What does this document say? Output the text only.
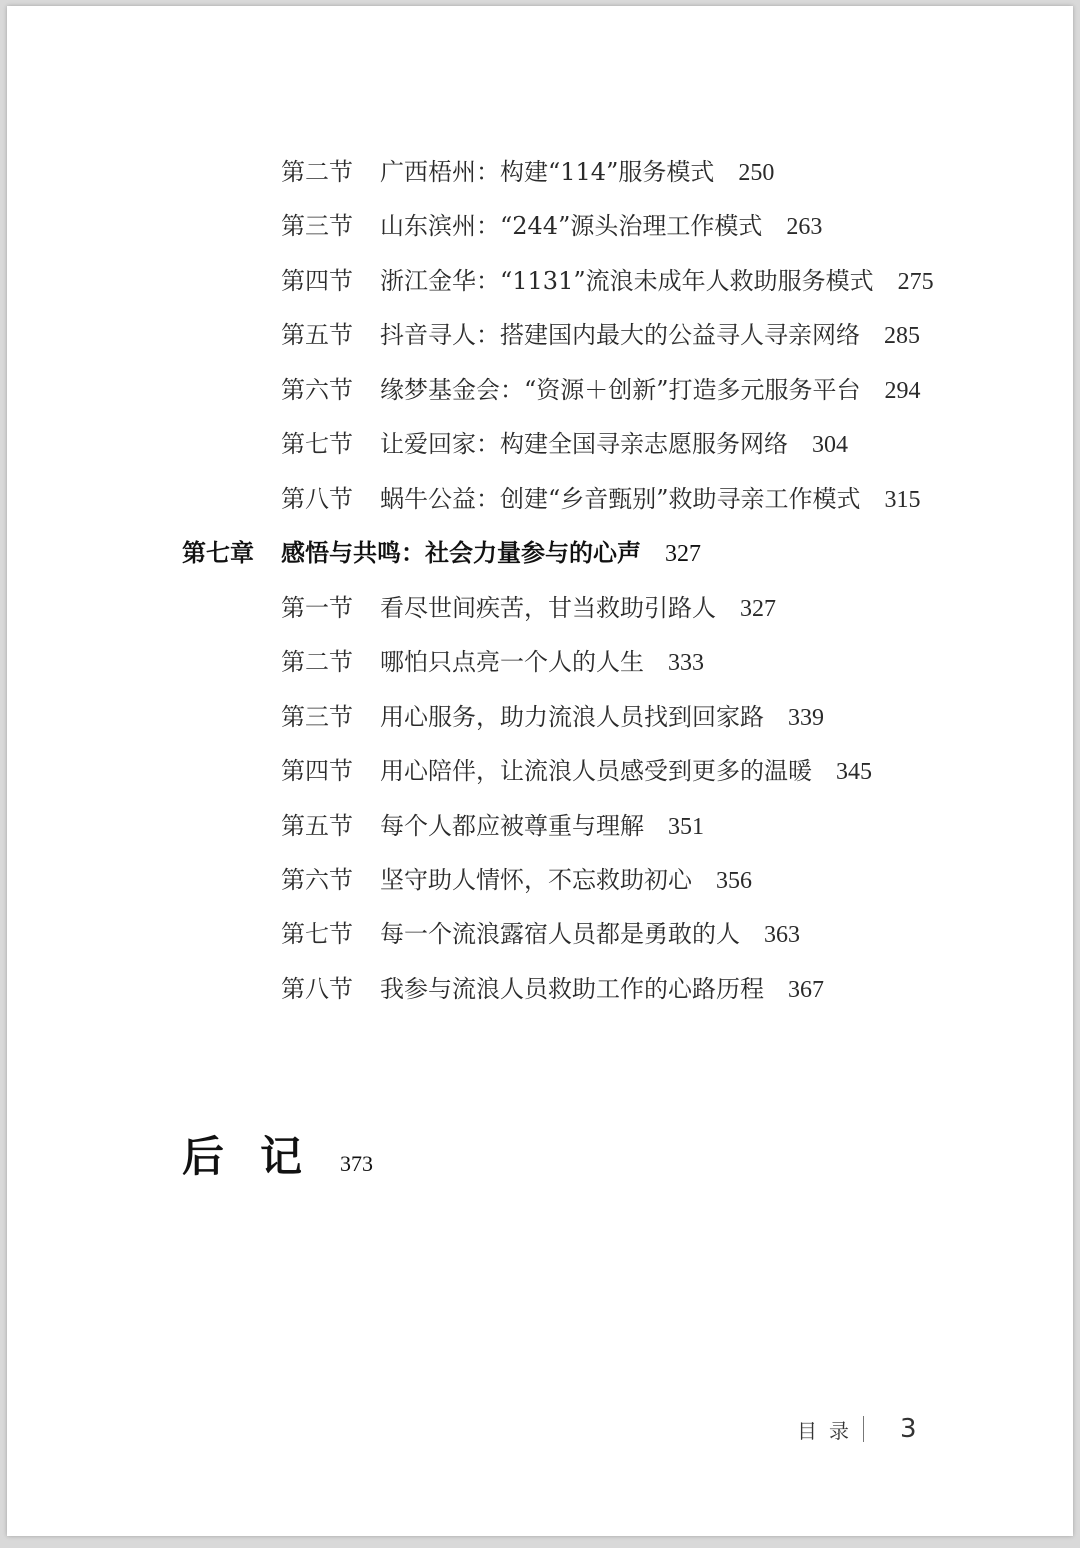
第二节 广西梧州：构建“114”服务模式 250
第三节 山东滨州：“244”源头治理工作模式 263
第四节 浙江金华：“1131”流浪未成年人救助服务模式 275
第五节 抖音寻人：搭建国内最大的公益寻人寻亲网络 285
第六节 缘梦基金会：“资源＋创新”打造多元服务平台 294
第七节 让爱回家：构建全国寻亲志愿服务网络 304
第八节 蜗牛公益：创建“乡音甄别”救助寻亲工作模式 315
第七章 感悟与共鸣：社会力量参与的心声 327
第一节 看尽世间疾苦，甘当救助引路人 327
第二节 哪怕只点亮一个人的人生 333
第三节 用心服务，助力流浪人员找到回家路 339
第四节 用心陪伴，让流浪人员感受到更多的温暖 345
第五节 每个人都应被尊重与理解 351
第六节 坚守助人情怀，不忘救助初心 356
第七节 每一个流浪露宿人员都是勇敢的人 363
第八节 我参与流浪人员救助工作的心路历程 367
后记373
目录 3
